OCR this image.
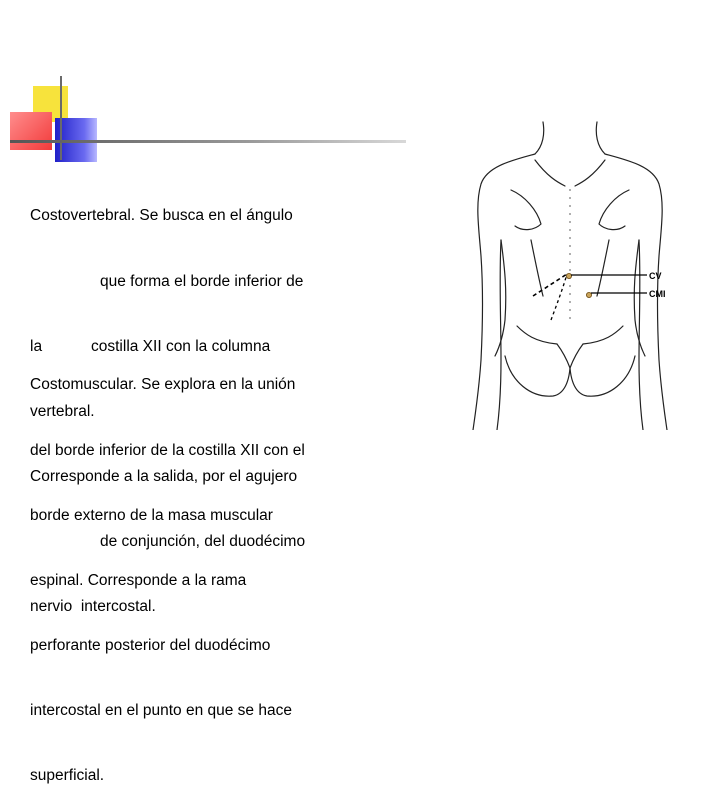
Costovertebral. Se busca en el ángulo

que forma el borde inferior de

la	costilla XII con la columna

vertebral.

Corresponde a la salida, por el agujero

de conjunción, del duodécimo

nervio  intercostal.

Costomuscular. Se explora en la unión

del borde inferior de la costilla XII con el

borde externo de la masa muscular

espinal. Corresponde a la rama

perforante posterior del duodécimo

intercostal en el punto en que se hace

superficial.

CV
CMI
